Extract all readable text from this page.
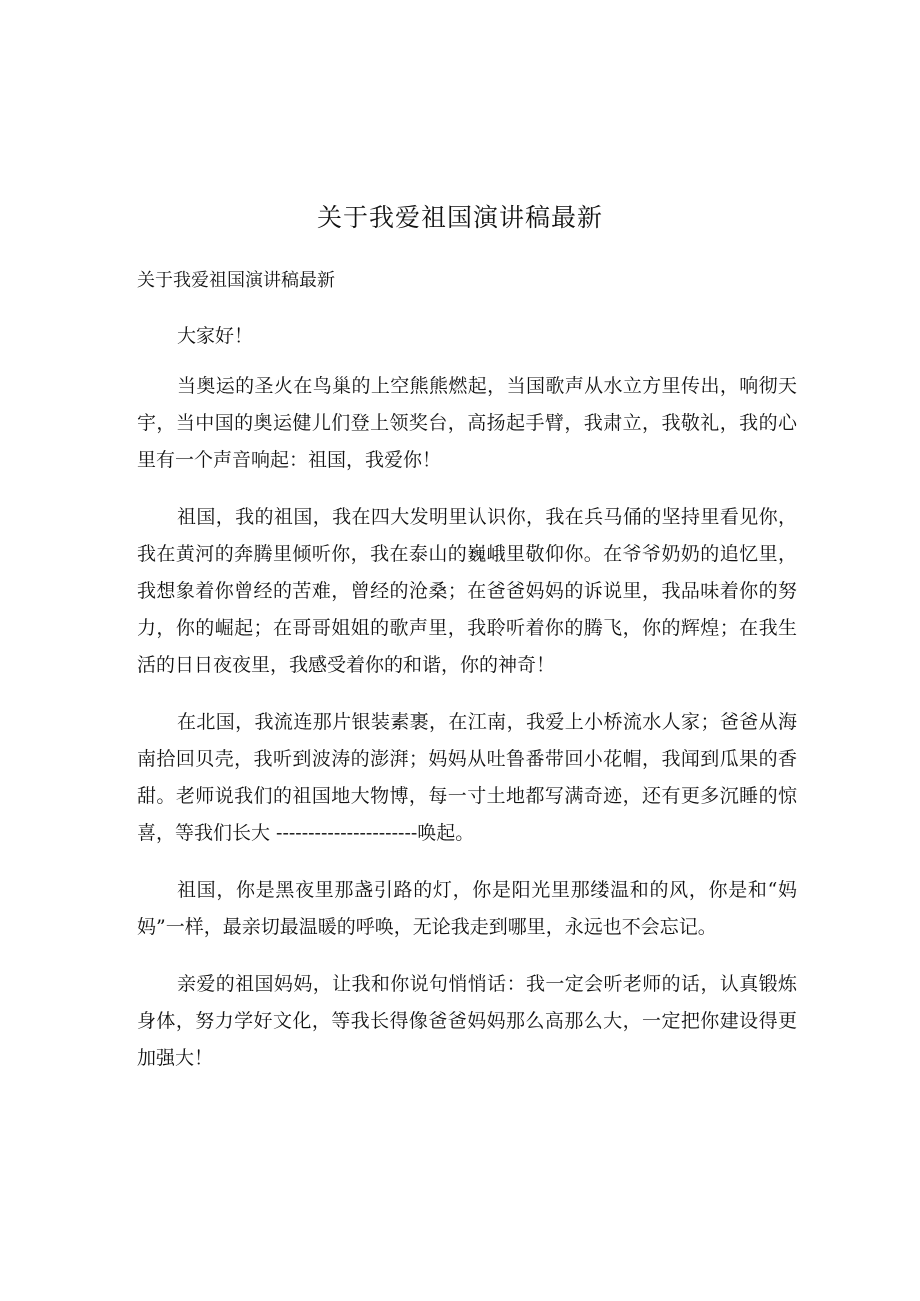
关于我爱祖国演讲稿最新

关于我爱祖国演讲稿最新

大家好！

当奥运的圣火在鸟巢的上空熊熊燃起，当国歌声从水立方里传出，响彻天宇，当中国的奥运健儿们登上领奖台，高扬起手臂，我肃立，我敬礼，我的心里有一个声音响起：祖国，我爱你！

祖国，我的祖国，我在四大发明里认识你，我在兵马俑的坚持里看见你，我在黄河的奔腾里倾听你，我在泰山的巍峨里敬仰你。在爷爷奶奶的追忆里，我想象着你曾经的苦难，曾经的沧桑；在爸爸妈妈的诉说里，我品味着你的努力，你的崛起；在哥哥姐姐的歌声里，我聆听着你的腾飞，你的辉煌；在我生活的日日夜夜里，我感受着你的和谐，你的神奇！

在北国，我流连那片银装素裹，在江南，我爱上小桥流水人家；爸爸从海南拾回贝壳，我听到波涛的澎湃；妈妈从吐鲁番带回小花帽，我闻到瓜果的香甜。老师说我们的祖国地大物博，每一寸土地都写满奇迹，还有更多沉睡的惊喜，等我们长大 ----------------------唤起。

祖国，你是黑夜里那盏引路的灯，你是阳光里那缕温和的风，你是和“妈妈”一样，最亲切最温暖的呼唤，无论我走到哪里，永远也不会忘记。

亲爱的祖国妈妈，让我和你说句悄悄话：我一定会听老师的话，认真锻炼身体，努力学好文化，等我长得像爸爸妈妈那么高那么大，一定把你建设得更加强大！
